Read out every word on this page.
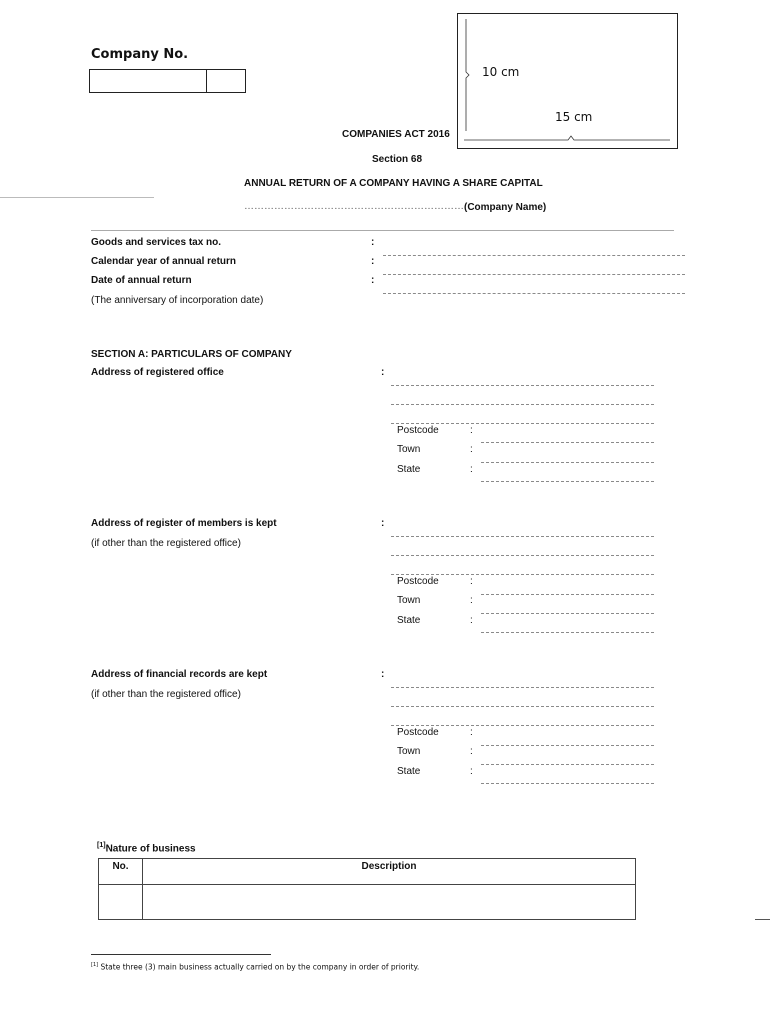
Company No.
10 cm
15 cm
COMPANIES ACT 2016
Section 68
ANNUAL RETURN OF A COMPANY HAVING A SHARE CAPITAL
………………………………………………………… (Company Name)
Goods and services tax no.	:
Calendar year of annual return	:
Date of annual return	:
(The anniversary of incorporation date)
SECTION A: PARTICULARS OF COMPANY
Address of registered office	:
Postcode	:
Town	:
State	:
Address of register of members is kept	:
(if other than the registered office)
Postcode	:
Town	:
State	:
Address of financial records are kept	:
(if other than the registered office)
Postcode	:
Town	:
State	:
[1]Nature of business
No.	Description

[1] State three (3) main business actually carried on by the company in order of priority.
